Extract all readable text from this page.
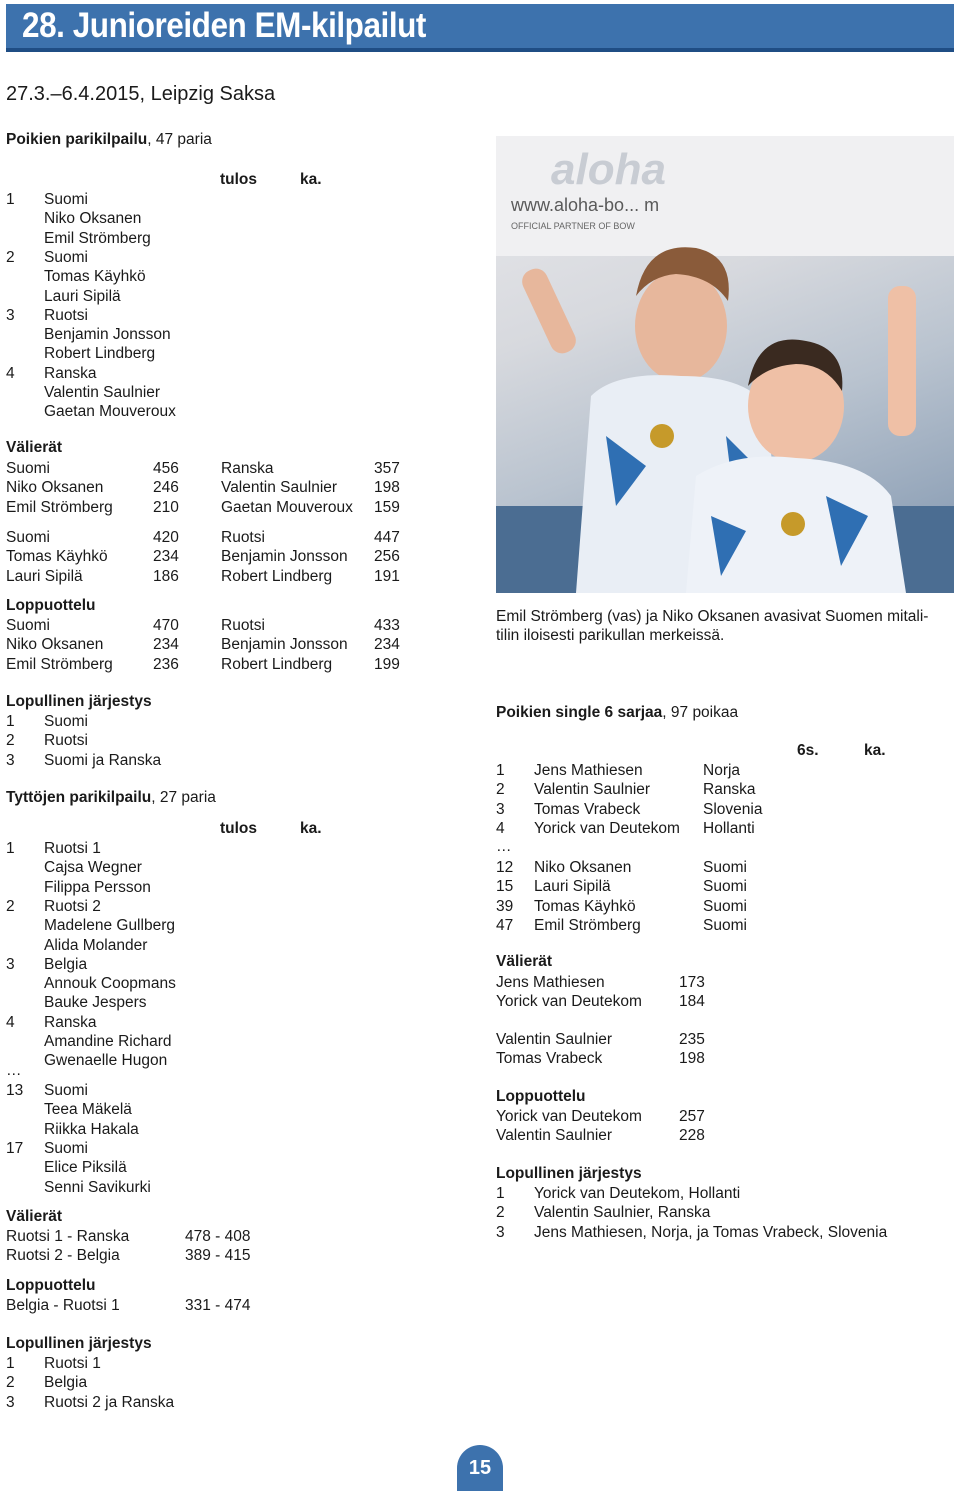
28. Junioreiden EM-kilpailut
27.3.–6.4.2015, Leipzig Saksa
Poikien parikilpailu, 47 paria
tulos	ka.
1 Suomi
Niko Oksanen
Emil Strömberg
2 Suomi
Tomas Käyhkö
Lauri Sipilä
3 Ruotsi
Benjamin Jonsson
Robert Lindberg
4 Ranska
Valentin Saulnier
Gaetan Mouveroux
Välierät
Suomi	456	Ranska	357
Niko Oksanen	246	Valentin Saulnier 198
Emil Strömberg	210	Gaetan Mouveroux 159
Suomi	420	Ruotsi	447
Tomas Käyhkö	234	Benjamin Jonsson 256
Lauri Sipilä	186	Robert Lindberg	191
Loppuottelu
Suomi	470	Ruotsi	433
Niko Oksanen	234	Benjamin Jonsson 234
Emil Strömberg	236	Robert Lindberg	199
Lopullinen järjestys
1 Suomi
2 Ruotsi
3 Suomi ja Ranska
Tyttöjen parikilpailu, 27 paria
tulos	ka.
1 Ruotsi 1
Cajsa Wegner
Filippa Persson
2 Ruotsi 2
Madelene Gullberg
Alida Molander
3 Belgia
Annouk Coopmans
Bauke Jespers
4 Ranska
Amandine Richard
Gwenaelle Hugon
…
13 Suomi
Teea Mäkelä
Riikka Hakala
17 Suomi
Elice Piksilä
Senni Savikurki
Välierät
Ruotsi 1 - Ranska	478 - 408
Ruotsi 2 - Belgia	389 - 415
Loppuottelu
Belgia - Ruotsi 1	331 - 474
Lopullinen järjestys
1 Ruotsi 1
2 Belgia
3 Ruotsi 2 ja Ranska
aloha
www.aloha-bo... m
OFFICIAL PARTNER OF BOW
Emil Strömberg (vas) ja Niko Oksanen avasivat Suomen mitali-
tilin iloisesti parikullan merkeissä.
Poikien single 6 sarjaa, 97 poikaa
6s.	ka.
1 Jens Mathiesen	Norja
2 Valentin Saulnier	Ranska
3 Tomas Vrabeck	Slovenia
4 Yorick van Deutekom Hollanti
…
12 Niko Oksanen	Suomi
15 Lauri Sipilä	Suomi
39 Tomas Käyhkö	Suomi
47 Emil Strömberg	Suomi
Välierät
Jens Mathiesen	173
Yorick van Deutekom 184
Valentin Saulnier	235
Tomas Vrabeck	198
Loppuottelu
Yorick van Deutekom 257
Valentin Saulnier	228
Lopullinen järjestys
1 Yorick van Deutekom, Hollanti
2 Valentin Saulnier, Ranska
3 Jens Mathiesen, Norja, ja Tomas Vrabeck, Slovenia
15
